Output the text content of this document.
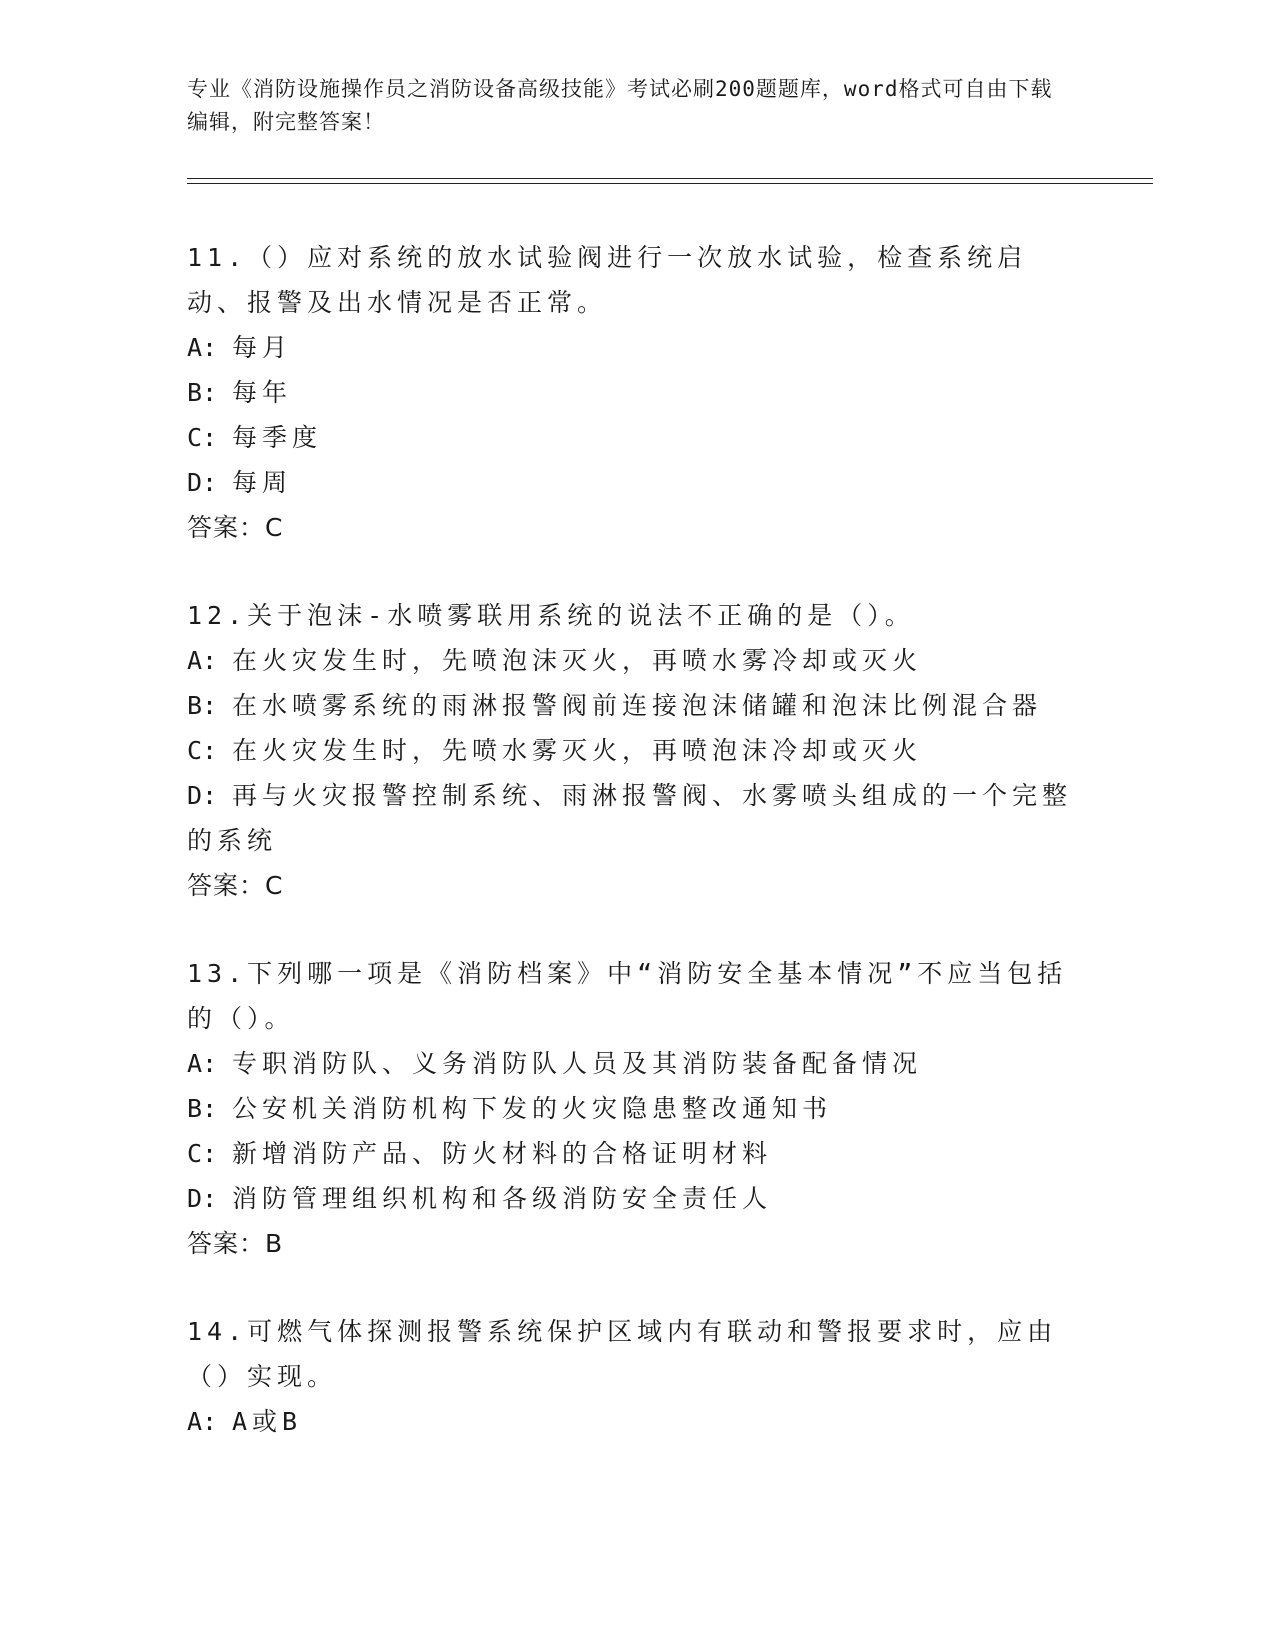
专业《消防设施操作员之消防设备高级技能》考试必刷200题题库，word格式可自由下载编辑，附完整答案！

11.（）应对系统的放水试验阀进行一次放水试验，检查系统启动、报警及出水情况是否正常。

A: 每月

B: 每年

C: 每季度

D: 每周

答案：C

12.关于泡沫-水喷雾联用系统的说法不正确的是（）。

A: 在火灾发生时，先喷泡沫灭火，再喷水雾冷却或灭火

B: 在水喷雾系统的雨淋报警阀前连接泡沫储罐和泡沫比例混合器

C: 在火灾发生时，先喷水雾灭火，再喷泡沫冷却或灭火

D: 再与火灾报警控制系统、雨淋报警阀、水雾喷头组成的一个完整的系统

答案：C

13.下列哪一项是《消防档案》中“消防安全基本情况”不应当包括的（）。

A: 专职消防队、义务消防队人员及其消防装备配备情况

B: 公安机关消防机构下发的火灾隐患整改通知书

C: 新增消防产品、防火材料的合格证明材料

D: 消防管理组织机构和各级消防安全责任人

答案：B

14.可燃气体探测报警系统保护区域内有联动和警报要求时，应由（）实现。

A: A或B
